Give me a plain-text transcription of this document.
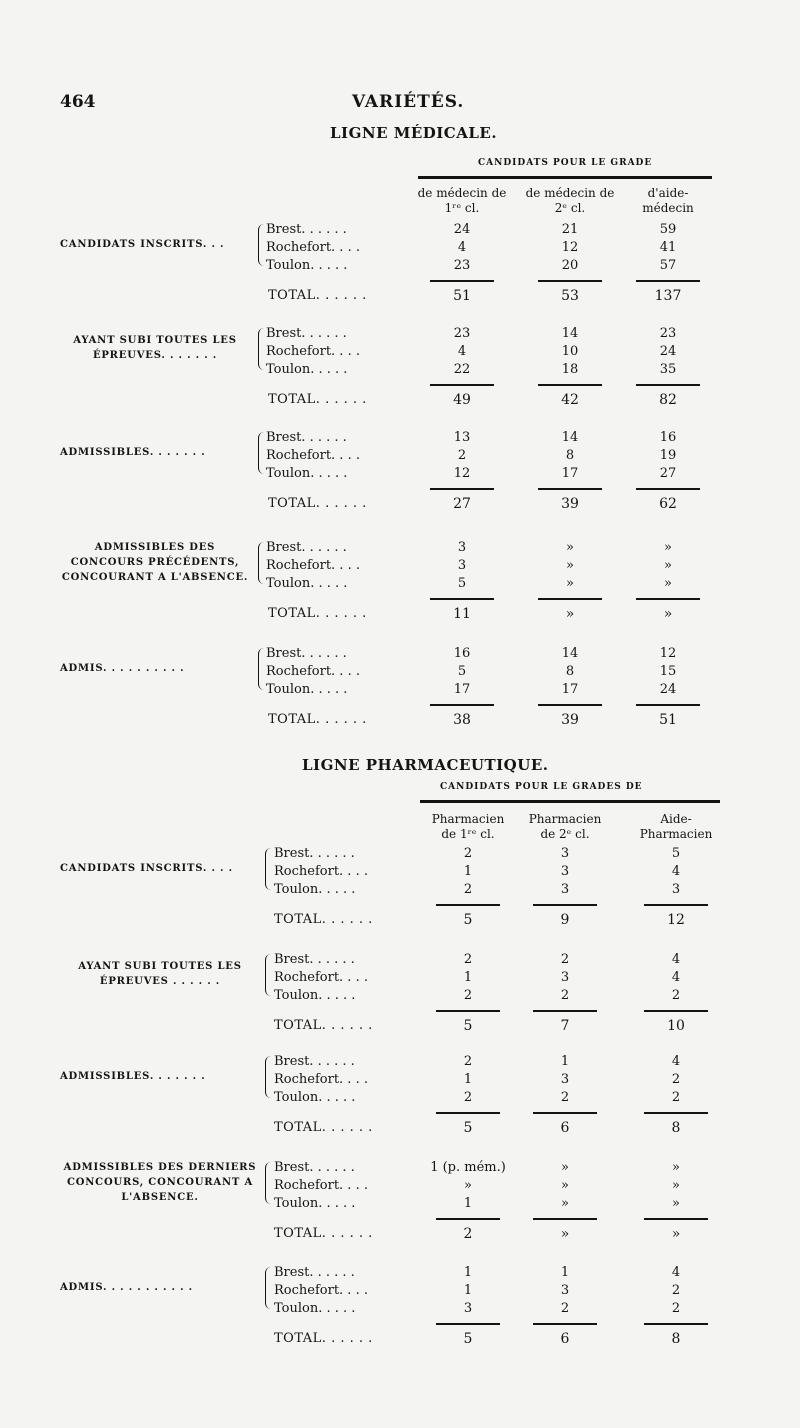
464	VARIÉTÉS.
LIGNE MÉDICALE.
CANDIDATS POUR LE GRADE
de médecin de 1ʳᵉ cl.
de médecin de 2ᵉ cl.
d'aide-médecin
CANDIDATS INSCRITS. . .
Brest. . . . . .	24	21	59
Rochefort. . . .	4	12	41
Toulon. . . . .	23	20	57
TOTAL. . . . . .	51	53	137
AYANT SUBI TOUTES LES ÉPREUVES. . . . . . .
Brest. . . . . .	23	14	23
Rochefort. . . .	4	10	24
Toulon. . . . .	22	18	35
TOTAL. . . . . .	49	42	82
ADMISSIBLES. . . . . . .
Brest. . . . . .	13	14	16
Rochefort. . . .	2	8	19
Toulon. . . . .	12	17	27
TOTAL. . . . . .	27	39	62
ADMISSIBLES DES CONCOURS PRÉCÉDENTS, CONCOURANT A L'ABSENCE.
Brest. . . . . .	3	»	»
Rochefort. . . .	3	»	»
Toulon. . . . .	5	»	»
TOTAL. . . . . .	11	»	»
ADMIS. . . . . . . . . .
Brest. . . . . .	16	14	12
Rochefort. . . .	5	8	15
Toulon. . . . .	17	17	24
TOTAL. . . . . .	38	39	51
LIGNE PHARMACEUTIQUE.
CANDIDATS POUR LE GRADES DE
Pharmacien de 1ʳᵉ cl.
Pharmacien de 2ᵉ cl.
Aide-Pharmacien
CANDIDATS INSCRITS. . . .
Brest. . . . . .	2	3	5
Rochefort. . . .	1	3	4
Toulon. . . . .	2	3	3
TOTAL. . . . . .	5	9	12
AYANT SUBI TOUTES LES ÉPREUVES . . . . . .
Brest. . . . . .	2	2	4
Rochefort. . . .	1	3	4
Toulon. . . . .	2	2	2
TOTAL. . . . . .	5	7	10
ADMISSIBLES. . . . . . .
Brest. . . . . .	2	1	4
Rochefort. . . .	1	3	2
Toulon. . . . .	2	2	2
TOTAL. . . . . .	5	6	8
ADMISSIBLES DES DERNIERS CONCOURS, CONCOURANT A L'ABSENCE.
Brest. . . . . .	1 (p. mém.)	»	»
Rochefort. . . .	»	»	»
Toulon. . . . .	1	»	»
TOTAL. . . . . .	2	»	»
ADMIS. . . . . . . . . . .
Brest. . . . . .	1	1	4
Rochefort. . . .	1	3	2
Toulon. . . . .	3	2	2
TOTAL. . . . . .	5	6	8
